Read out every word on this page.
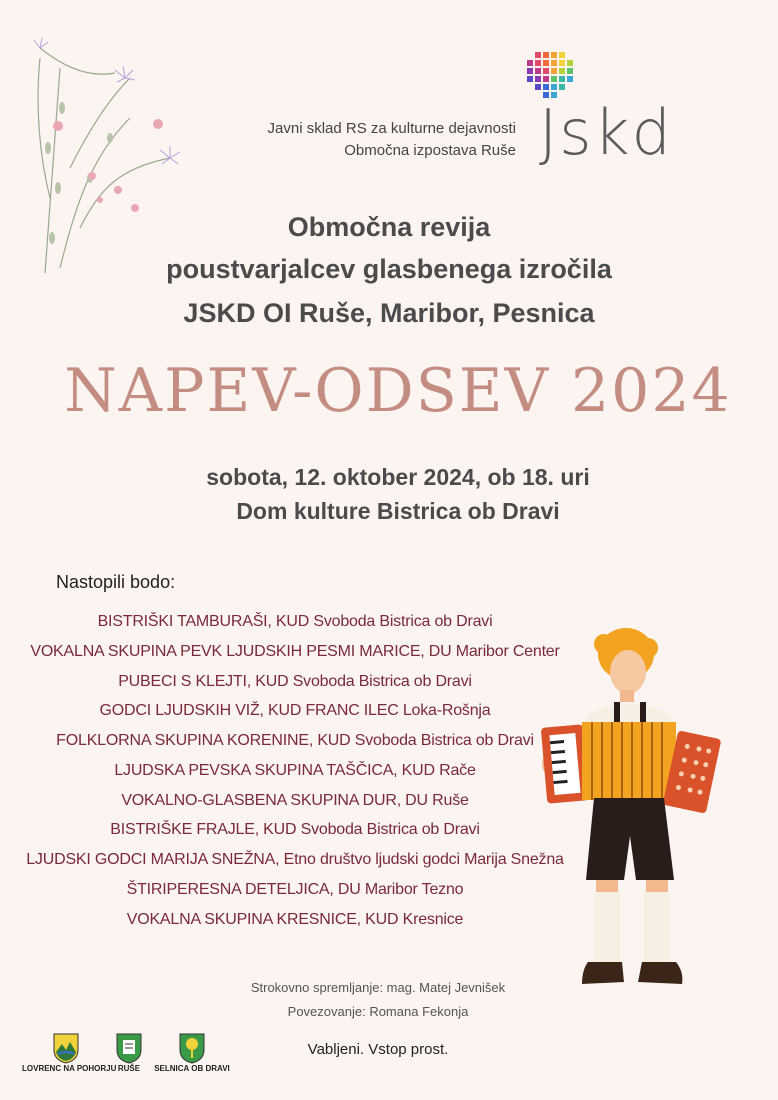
Javni sklad RS za kulturne dejavnosti
Območna izpostava Ruše Jskd
Območna revija
poustvarjalcev glasbenega izročila
JSKD OI Ruše, Maribor, Pesnica
NAPEV-ODSEV 2024
sobota, 12. oktober 2024, ob 18. uri
Dom kulture Bistrica ob Dravi
Nastopili bodo:
BISTRIŠKI TAMBURAŠI, KUD Svoboda Bistrica ob Dravi
VOKALNA SKUPINA PEVK LJUDSKIH PESMI MARICE, DU Maribor Center
PUBECI S KLEJTI, KUD Svoboda Bistrica ob Dravi
GODCI LJUDSKIH VIŽ, KUD FRANC ILEC Loka-Rošnja
FOLKLORNA SKUPINA KORENINE, KUD Svoboda Bistrica ob Dravi
LJUDSKA PEVSKA SKUPINA TAŠČICA, KUD Rače
VOKALNO-GLASBENA SKUPINA DUR, DU Ruše
BISTRIŠKE FRAJLE, KUD Svoboda Bistrica ob Dravi
LJUDSKI GODCI MARIJA SNEŽNA, Etno društvo ljudski godci Marija Snežna
ŠTIRIPERESNA DETELJICA, DU Maribor Tezno
VOKALNA SKUPINA KRESNICE, KUD Kresnice
Strokovno spremljanje: mag. Matej Jevnišek
Povezovanje: Romana Fekonja
Vabljeni. Vstop prost.
LOVRENC NA POHORJU RUŠE	SELNICA OB DRAVI
